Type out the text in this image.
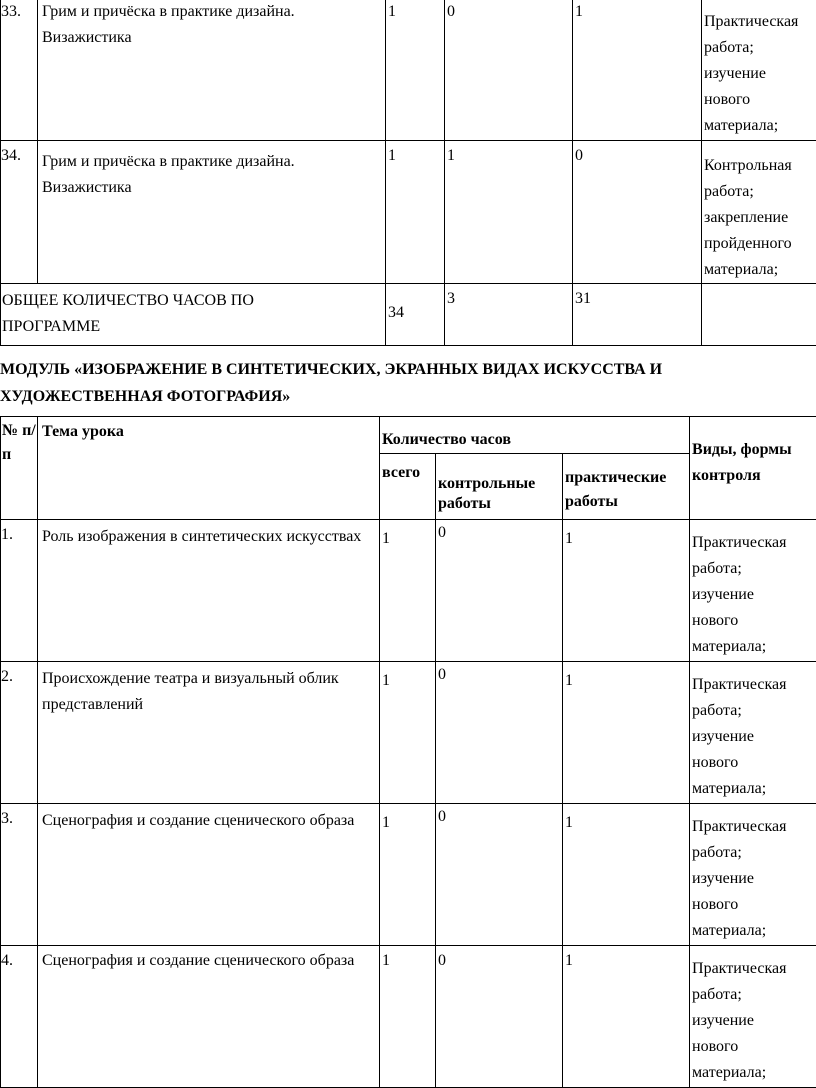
33.	Грим и причёска в практике дизайна. Визажистика	1	0	1	Практическая
работа;
изучение
нового
материала;

34.	Грим и причёска в практике дизайна. Визажистика	1	1	0	Контрольная
работа;
закрепление
пройденного
материала;

ОБЩЕЕ КОЛИЧЕСТВО ЧАСОВ ПО ПРОГРАММЕ		34	3	31	
МОДУЛЬ «ИЗОБРАЖЕНИЕ В СИНТЕТИЧЕСКИХ, ЭКРАННЫХ ВИДАХ ИСКУССТВА И ХУДОЖЕСТВЕННАЯ ФОТОГРАФИЯ»
№ п/п	Тема урока	Количество часов			Виды, формы контроля
		всего	контрольные работы	практические работы	
1.	Роль изображения в синтетических искусствах	1	0	1	Практическая
работа;
изучение
нового
материала;

2.	Происхождение театра и визуальный облик представлений	1	0	1	Практическая
работа;
изучение
нового
материала;

3.	Сценография и создание сценического образа	1	0	1	Практическая
работа;
изучение
нового
материала;

4.	Сценография и создание сценического образа	1	0	1	Практическая
работа;
изучение
нового
материала;
